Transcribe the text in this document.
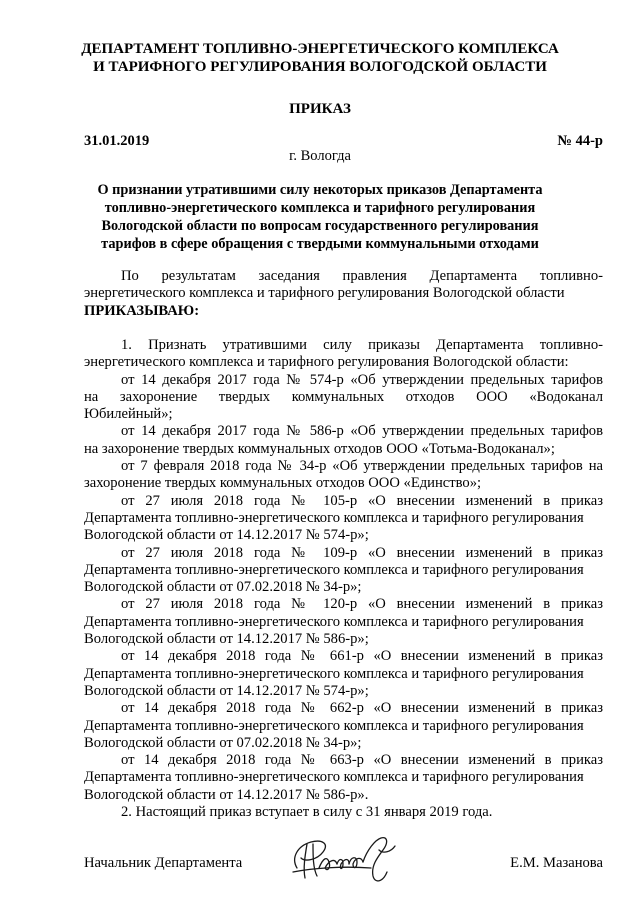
ДЕПАРТАМЕНТ ТОПЛИВНО-ЭНЕРГЕТИЧЕСКОГО КОМПЛЕКСА
И ТАРИФНОГО РЕГУЛИРОВАНИЯ ВОЛОГОДСКОЙ ОБЛАСТИ
ПРИКАЗ
31.01.2019	№ 44-р
г. Вологда
О признании утратившими силу некоторых приказов Департамента
топливно-энергетического комплекса и тарифного регулирования
Вологодской области по вопросам государственного регулирования
тарифов в сфере обращения с твердыми коммунальными отходами
По результатам заседания правления Департамента топливно-
энергетического комплекса и тарифного регулирования Вологодской области
ПРИКАЗЫВАЮ:
1. Признать утратившими силу приказы Департамента топливно-
энергетического комплекса и тарифного регулирования Вологодской области:
от 14 декабря 2017 года № 574-р «Об утверждении предельных тарифов
на захоронение твердых коммунальных отходов ООО «Водоканал
Юбилейный»;
от 14 декабря 2017 года № 586-р «Об утверждении предельных тарифов
на захоронение твердых коммунальных отходов ООО «Тотьма-Водоканал»;
от 7 февраля 2018 года № 34-р «Об утверждении предельных тарифов на
захоронение твердых коммунальных отходов ООО «Единство»;
от 27 июля 2018 года № 105-р «О внесении изменений в приказ
Департамента топливно-энергетического комплекса и тарифного регулирования
Вологодской области от 14.12.2017 № 574-р»;
от 27 июля 2018 года № 109-р «О внесении изменений в приказ
Департамента топливно-энергетического комплекса и тарифного регулирования
Вологодской области от 07.02.2018 № 34-р»;
от 27 июля 2018 года № 120-р «О внесении изменений в приказ
Департамента топливно-энергетического комплекса и тарифного регулирования
Вологодской области от 14.12.2017 № 586-р»;
от 14 декабря 2018 года № 661-р «О внесении изменений в приказ
Департамента топливно-энергетического комплекса и тарифного регулирования
Вологодской области от 14.12.2017 № 574-р»;
от 14 декабря 2018 года № 662-р «О внесении изменений в приказ
Департамента топливно-энергетического комплекса и тарифного регулирования
Вологодской области от 07.02.2018 № 34-р»;
от 14 декабря 2018 года № 663-р «О внесении изменений в приказ
Департамента топливно-энергетического комплекса и тарифного регулирования
Вологодской области от 14.12.2017 № 586-р».
2. Настоящий приказ вступает в силу с 31 января 2019 года.
Начальник Департамента	Е.М. Мазанова
